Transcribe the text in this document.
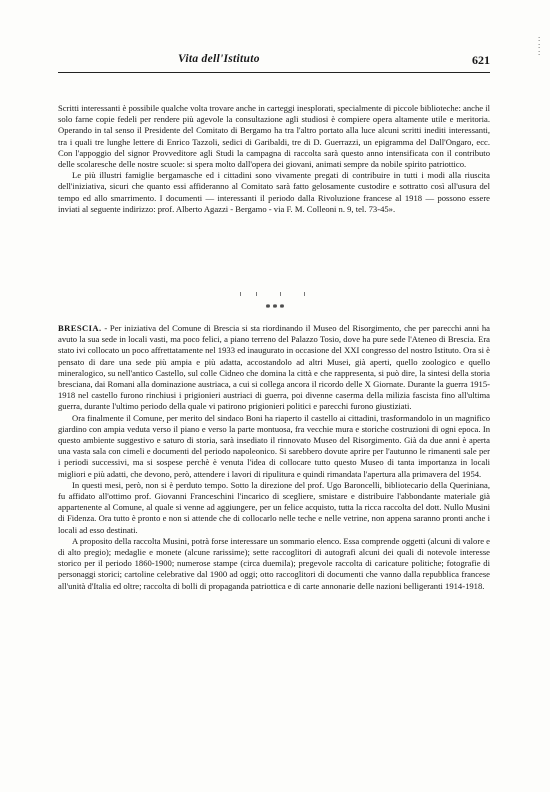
Vita dell'Istituto	621
:
:
:

Scritti interessanti è possibile qualche volta trovare anche in carteggi inesplorati, specialmente di piccole biblioteche: anche il solo farne copie fedeli per rendere più agevole la consultazione agli studiosi è compiere opera altamente utile e meritoria. Operando in tal senso il Presidente del Comitato di Bergamo ha tra l'altro portato alla luce alcuni scritti inediti interessanti, tra i quali tre lunghe lettere di Enrico Tazzoli, sedici di Garibaldi, tre di D. Guerrazzi, un epigramma del Dall'Ongaro, ecc. Con l'appoggio del signor Provveditore agli Studi la campagna di raccolta sarà questo anno intensificata con il contributo delle scolaresche delle nostre scuole: si spera molto dall'opera dei giovani, animati sempre da nobile spirito patriottico.

Le più illustri famiglie bergamasche ed i cittadini sono vivamente pregati di contribuire in tutti i modi alla riuscita dell'iniziativa, sicuri che quanto essi affideranno al Comitato sarà fatto gelosamente custodire e sottratto così all'usura del tempo ed allo smarrimento. I documenti — interessanti il periodo dalla Rivoluzione francese al 1918 — possono essere inviati al seguente indirizzo: prof. Alberto Agazzi - Bergamo - via F. M. Colleoni n. 9, tel. 73-45».

***

BRESCIA. - Per iniziativa del Comune di Brescia si sta riordinando il Museo del Risorgimento, che per parecchi anni ha avuto la sua sede in locali vasti, ma poco felici, a piano terreno del Palazzo Tosio, dove ha pure sede l'Ateneo di Brescia. Era stato ivi collocato un poco affrettatamente nel 1933 ed inaugurato in occasione del XXI congresso del nostro Istituto. Ora si è pensato di dare una sede più ampia e più adatta, accostandolo ad altri Musei, già aperti, quello zoologico e quello mineralogico, su nell'antico Castello, sul colle Cidneo che domina la città e che rappresenta, si può dire, la sintesi della storia bresciana, dai Romani alla dominazione austriaca, a cui si collega ancora il ricordo delle X Giornate. Durante la guerra 1915-1918 nel castello furono rinchiusi i prigionieri austriaci di guerra, poi divenne caserma della milizia fascista fino all'ultima guerra, durante l'ultimo periodo della quale vi patirono prigionieri politici e parecchi furono giustiziati.

Ora finalmente il Comune, per merito del sindaco Boni ha riaperto il castello ai cittadini, trasformandolo in un magnifico giardino con ampia veduta verso il piano e verso la parte montuosa, fra vecchie mura e storiche costruzioni di ogni epoca. In questo ambiente suggestivo e saturo di storia, sarà insediato il rinnovato Museo del Risorgimento. Già da due anni è aperta una vasta sala con cimeli e documenti del periodo napoleonico. Si sarebbero dovute aprire per l'autunno le rimanenti sale per i periodi successivi, ma si sospese perchè è venuta l'idea di collocare tutto questo Museo di tanta importanza in locali migliori e più adatti, che devono, però, attendere i lavori di ripulitura e quindi rimandata l'apertura alla primavera del 1954.

In questi mesi, però, non si è perduto tempo. Sotto la direzione del prof. Ugo Baroncelli, bibliotecario della Queriniana, fu affidato all'ottimo prof. Giovanni Franceschini l'incarico di scegliere, smistare e distribuire l'abbondante materiale già appartenente al Comune, al quale si venne ad aggiungere, per un felice acquisto, tutta la ricca raccolta del dott. Nullo Musini di Fidenza. Ora tutto è pronto e non si attende che di collocarlo nelle teche e nelle vetrine, non appena saranno pronti anche i locali ad esso destinati.

A proposito della raccolta Musini, potrà forse interessare un sommario elenco. Essa comprende oggetti (alcuni di valore e di alto pregio); medaglie e monete (alcune rarissime); sette raccoglitori di autografi alcuni dei quali di notevole interesse storico per il periodo 1860-1900; numerose stampe (circa duemila); pregevole raccolta di caricature politiche; fotografie di personaggi storici; cartoline celebrative dal 1900 ad oggi; otto raccoglitori di documenti che vanno dalla repubblica francese all'unità d'Italia ed oltre; raccolta di bolli di propaganda patriottica e di carte annonarie delle nazioni belligeranti 1914-1918.
